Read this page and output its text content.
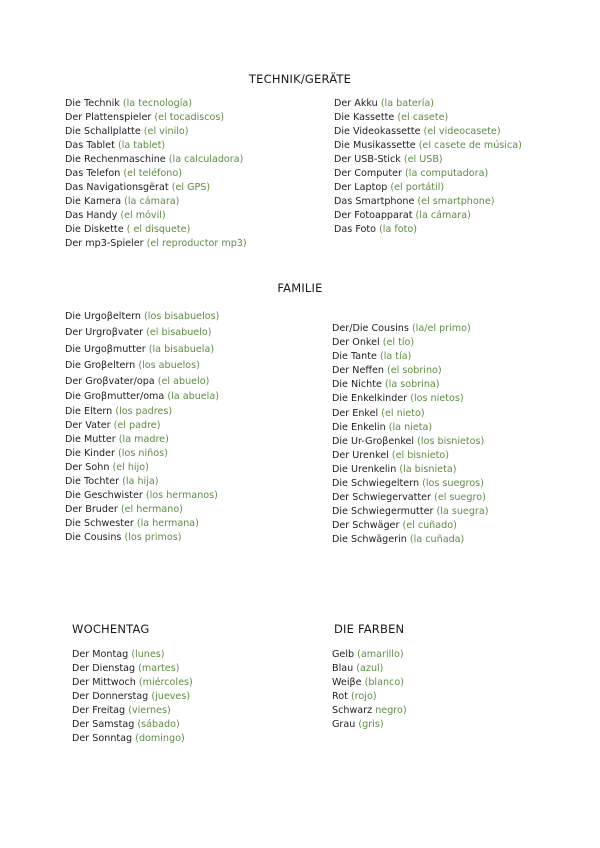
TECHNIK/GERÄTE
Die Technik (la tecnología)
Der Plattenspieler (el tocadiscos)
Die Schallplatte (el vinilo)
Das Tablet (la tablet)
Die Rechenmaschine (la calculadora)
Das Telefon (el teléfono)
Das Navigationsgërat (el GPS)
Die Kamera (la cámara)
Das Handy (el móvil)
Die Diskette ( el disquete)
Der mp3-Spieler (el reproductor mp3)
Der Akku (la batería)
Die Kassette (el casete)
Die Videokassette (el videocasete)
Die Musikassette (el casete de música)
Der USB-Stick (el USB)
Der Computer (la computadora)
Der Laptop (el portátil)
Das Smartphone (el smartphone)
Der Fotoapparat (la cámara)
Das Foto (la foto)
FAMILIE
Die Urgoβeltern (los bisabuelos)
Der Urgroβvater (el bisabuelo)
Die Urgoβmutter (la bisabuela)
Die Groβeltern (los abuelos)
Der Groβvater/opa (el abuelo)
Die Groβmutter/oma (la abuela)
Die Eltern (los padres)
Der Vater (el padre)
Die Mutter (la madre)
Die Kinder (los niños)
Der Sohn (el hijo)
Die Tochter (la hija)
Die Geschwister (los hermanos)
Der Bruder (el hermano)
Die Schwester (la hermana)
Die Cousins (los primos)
Der/Die Cousins (la/el primo)
Der Onkel (el tío)
Die Tante (la tía)
Der Neffen (el sobrino)
Die Nichte (la sobrina)
Die Enkelkinder (los nietos)
Der Enkel (el nieto)
Die Enkelin (la nieta)
Die Ur-Groβenkel (los bisnietos)
Der Urenkel (el bisnieto)
Die Urenkelin (la bisnieta)
Die Schwiegeltern (los suegros)
Der Schwiegervatter (el suegro)
Die Schwiegermutter (la suegra)
Der Schwäger (el cuñado)
Die Schwägerin (la cuñada)
WOCHENTAG
Der Montag (lunes)
Der Dienstag (martes)
Der Mittwoch (miércoles)
Der Donnerstag (jueves)
Der Freitag (viernes)
Der Samstag (sábado)
Der Sonntag (domingo)
DIE FARBEN
Gelb (amarillo)
Blau (azul)
Weiβe (blanco)
Rot (rojo)
Schwarz negro)
Grau (gris)
